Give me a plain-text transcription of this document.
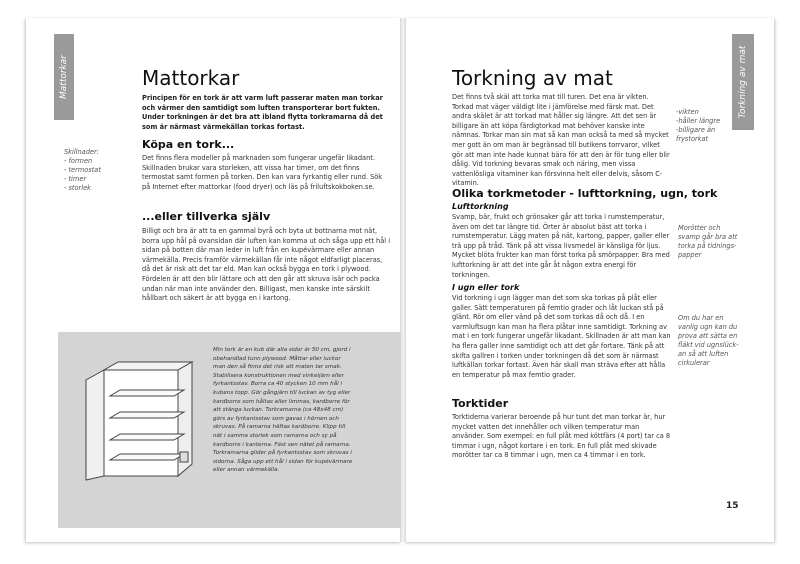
Mattorkar	Mattorkar
Principen för en tork är att varm luft passerar maten man torkar och värmer den samtidigt som luften transporterar bort fukten. Under torkningen är det bra att ibland flytta torkramarna då det som är närmast värmekällan torkas fortast.
Skillnader:
- formen
- termostat
- timer
- storlek
Köpa en tork...
Det finns flera modeller på marknaden som fungerar ungefär likadant. Skillnaden brukar vara storleken, att vissa har timer, om det finns termostat samt formen på torken. Den kan vara fyrkantig eller rund. Sök på Internet efter mattorkar (food dryer) och läs på friluftskokboken.se.
...eller tillverka själv
Billigt och bra är att ta en gammal byrå och byta ut bottnarna mot nät, borra upp hål på ovansidan där luften kan komma ut och såga upp ett hål i sidan på botten där man leder in luft från en kupévärmare eller annan värmekälla. Precis framför värmekällan får inte något eldfarligt placeras, då det är risk att det tar eld. Man kan också bygga en tork i plywood. Fördelen är att den blir lättare och att den går att skruva isär och packa undan när man inte använder den. Billigast, men kanske inte särskilt hållbart och säkert är att bygga en i kartong.
Min tork är en kub där alla sidor är 50 cm, gjord i obehandlad tunn plywood. Måttar eller luckor man den så finns det risk att maten tar smak. Stabilisera konstruktionen med vinkeljärn eller fyrkantsstav. Borra ca 40 stycken 10 mm hål i kubens topp. Gör gångjärn till luckan av tyg eller kardborre som håltas eller limmas, kardborre för att stänga luckan. Torkramarna (ca 48x48 cm) görs av fyrkantsstav som gavas i hörnen och skruvas. På ramarna häftas kardborre. Klipp till nät i samma storlek som ramarna och sy på kardborre i kanterna. Fäst sen nätet på ramarna. Torkramarna glider på fyrkantsstav som skruvas i sidorna. Såga upp ett hål i sidan för kupévärmare eller annan värmekälla.
Torkning av mat
Torkning av mat
Det finns två skäl att torka mat till turen. Det ena är vikten. Torkad mat väger väldigt lite i jämförelse med färsk mat. Det andra skälet är att torkad mat håller sig längre. Att det sen är billigare än att köpa färdigtorkad mat behöver kanske inte nämnas. Torkar man sin mat så kan man också ta med så mycket mer gott än om man är begränsad till butikens torrvaror, vilket gör att man inte hade kunnat bära för att den är för tung eller blir dålig. Vid torkning bevaras smak och näring, men vissa vattenlösliga vitaminer kan försvinna helt eller delvis, såsom C-vitamin.
-vikten
-håller längre
-billigare än
frystorkat
Olika torkmetoder - lufttorkning, ugn, tork
Lufttorkning
Svamp, bär, frukt och grönsaker går att torka i rumstemperatur, även om det tar längre tid. Örter är absolut bäst att torka i rumstemperatur. Lägg maten på nät, kartong, papper, galler eller trä upp på tråd. Tänk på att vissa livsmedel är känsliga för ljus. Mycket blöta frukter kan man först torka på smörpapper. Bra med lufttorkning är att det inte går åt någon extra energi för torkningen.
Morötter och
svamp går bra att
torka på tidnings-
papper
I ugn eller tork
Vid torkning i ugn lägger man det som ska torkas på plåt eller galler. Sätt temperaturen på femtio grader och låt luckan stå på glänt. Rör om eller vänd på det som torkas då och då. I en varmluftsugn kan man ha flera plåtar inne samtidigt. Torkning av mat i en tork fungerar ungefär likadant. Skillnaden är att man kan ha flera galler inne samtidigt och att det går fortare. Tänk på att skifta gallren i torken under torkningen då det som är närmast luftkällan torkar fortast. Även här skall man sträva efter att hålla en temperatur på max femtio grader.
Om du har en
vanlig ugn kan du
prova att sätta en
fläkt vid ugnslück-
an så att luften
cirkulerar
Torktider
Torktiderna varierar beroende på hur tunt det man torkar är, hur mycket vatten det innehåller och vilken temperatur man använder. Som exempel: en full plåt med köttfärs (4 port) tar ca 8 timmar i ugn, något kortare i en tork. En full plåt med skivade morötter tar ca 8 timmar i ugn, men ca 4 timmar i en tork.
15
